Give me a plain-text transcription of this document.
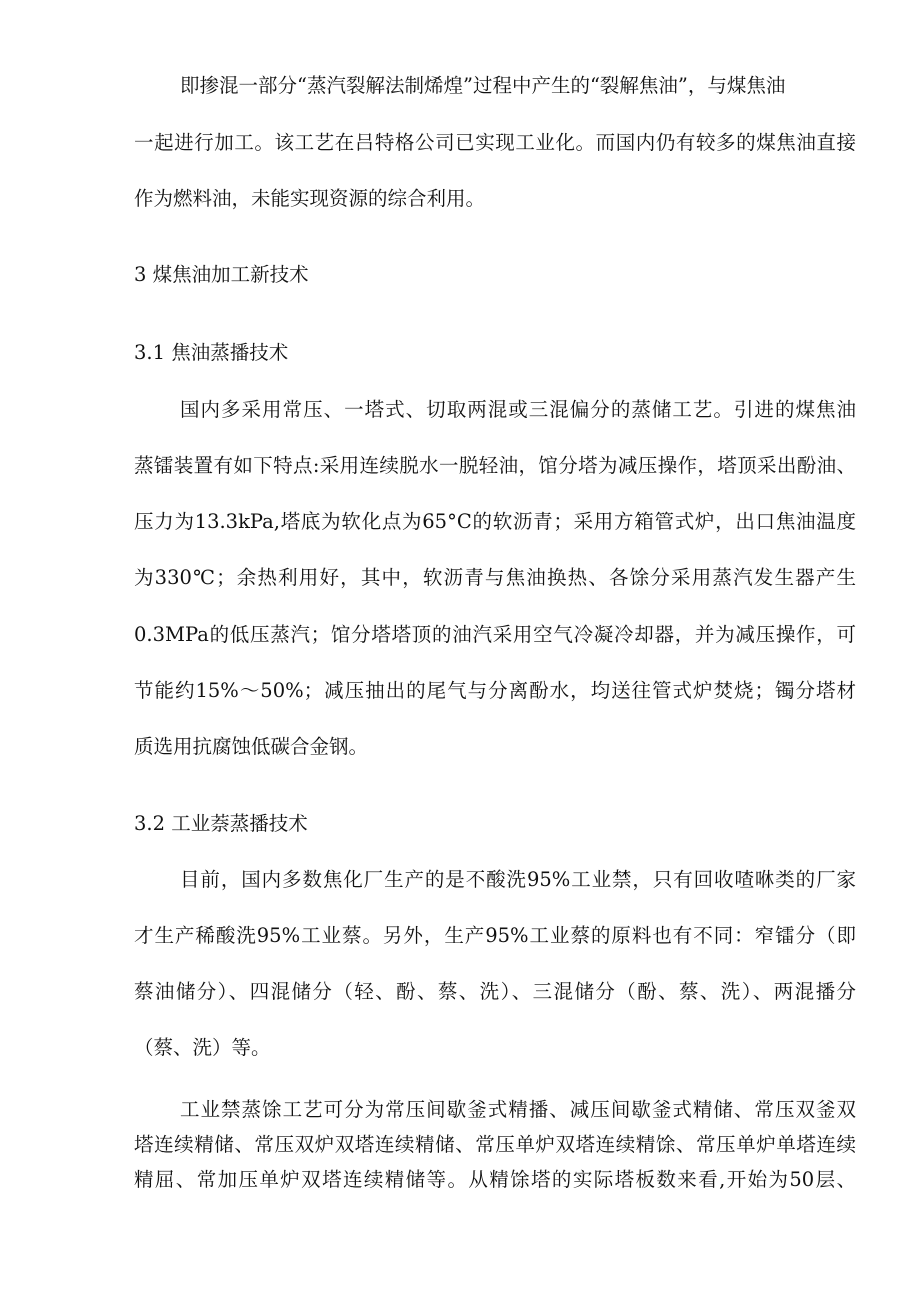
即掺混一部分“蒸汽裂解法制烯煌”过程中产生的“裂解焦油”，与煤焦油
一起进行加工。该工艺在吕特格公司已实现工业化。而国内仍有较多的煤焦油直接
作为燃料油，未能实现资源的综合利用。
3 煤焦油加工新技术
3.1 焦油蒸播技术
国内多采用常压、一塔式、切取两混或三混偏分的蒸储工艺。引进的煤焦油
蒸镭装置有如下特点:采用连续脱水一脱轻油，馆分塔为减压操作，塔顶采出酚油、
压力为13.3kPa,塔底为软化点为65°C的软沥青；采用方箱管式炉，出口焦油温度
为330℃；余热利用好，其中，软沥青与焦油换热、各馀分采用蒸汽发生器产生
0.3MPa的低压蒸汽；馆分塔塔顶的油汽采用空气冷凝冷却器，并为减压操作，可
节能约15%～50%；减压抽出的尾气与分离酚水，均送往管式炉焚烧；镯分塔材
质选用抗腐蚀低碳合金钢。
3.2 工业萘蒸播技术
目前，国内多数焦化厂生产的是不酸洗95%工业禁，只有回收喳咻类的厂家
才生产稀酸洗95%工业蔡。另外，生产95%工业蔡的原料也有不同：窄镭分（即
蔡油储分）、四混储分（轻、酚、蔡、洗）、三混储分（酚、蔡、洗）、两混播分
（蔡、洗）等。
工业禁蒸馀工艺可分为常压间歇釜式精播、减压间歇釜式精储、常压双釜双
塔连续精储、常压双炉双塔连续精储、常压单炉双塔连续精馀、常压单炉单塔连续
精屈、常加压单炉双塔连续精储等。从精馀塔的实际塔板数来看,开始为50层、
